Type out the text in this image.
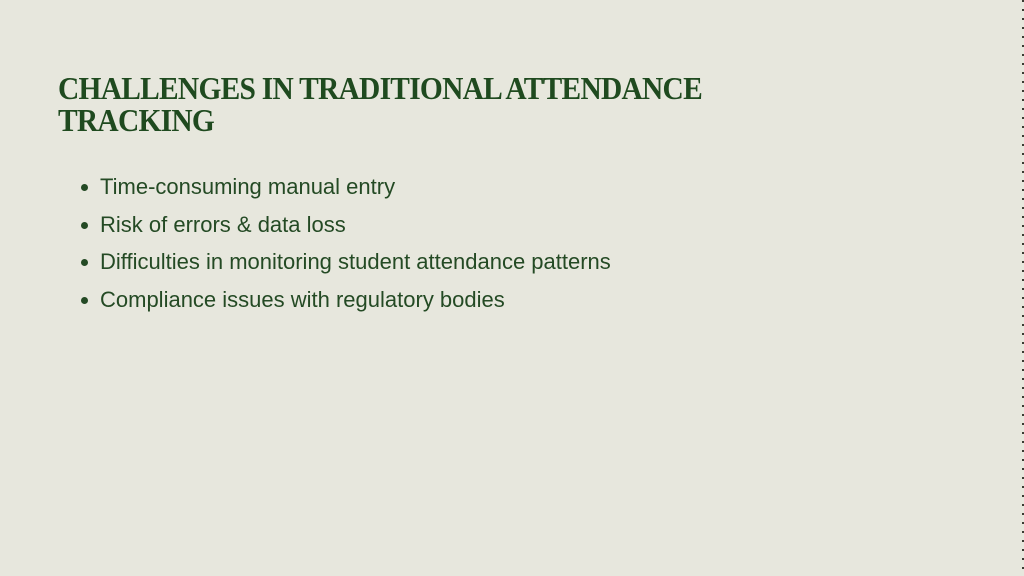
CHALLENGES IN TRADITIONAL ATTENDANCE TRACKING
Time-consuming manual entry
Risk of errors & data loss
Difficulties in monitoring student attendance patterns
Compliance issues with regulatory bodies
